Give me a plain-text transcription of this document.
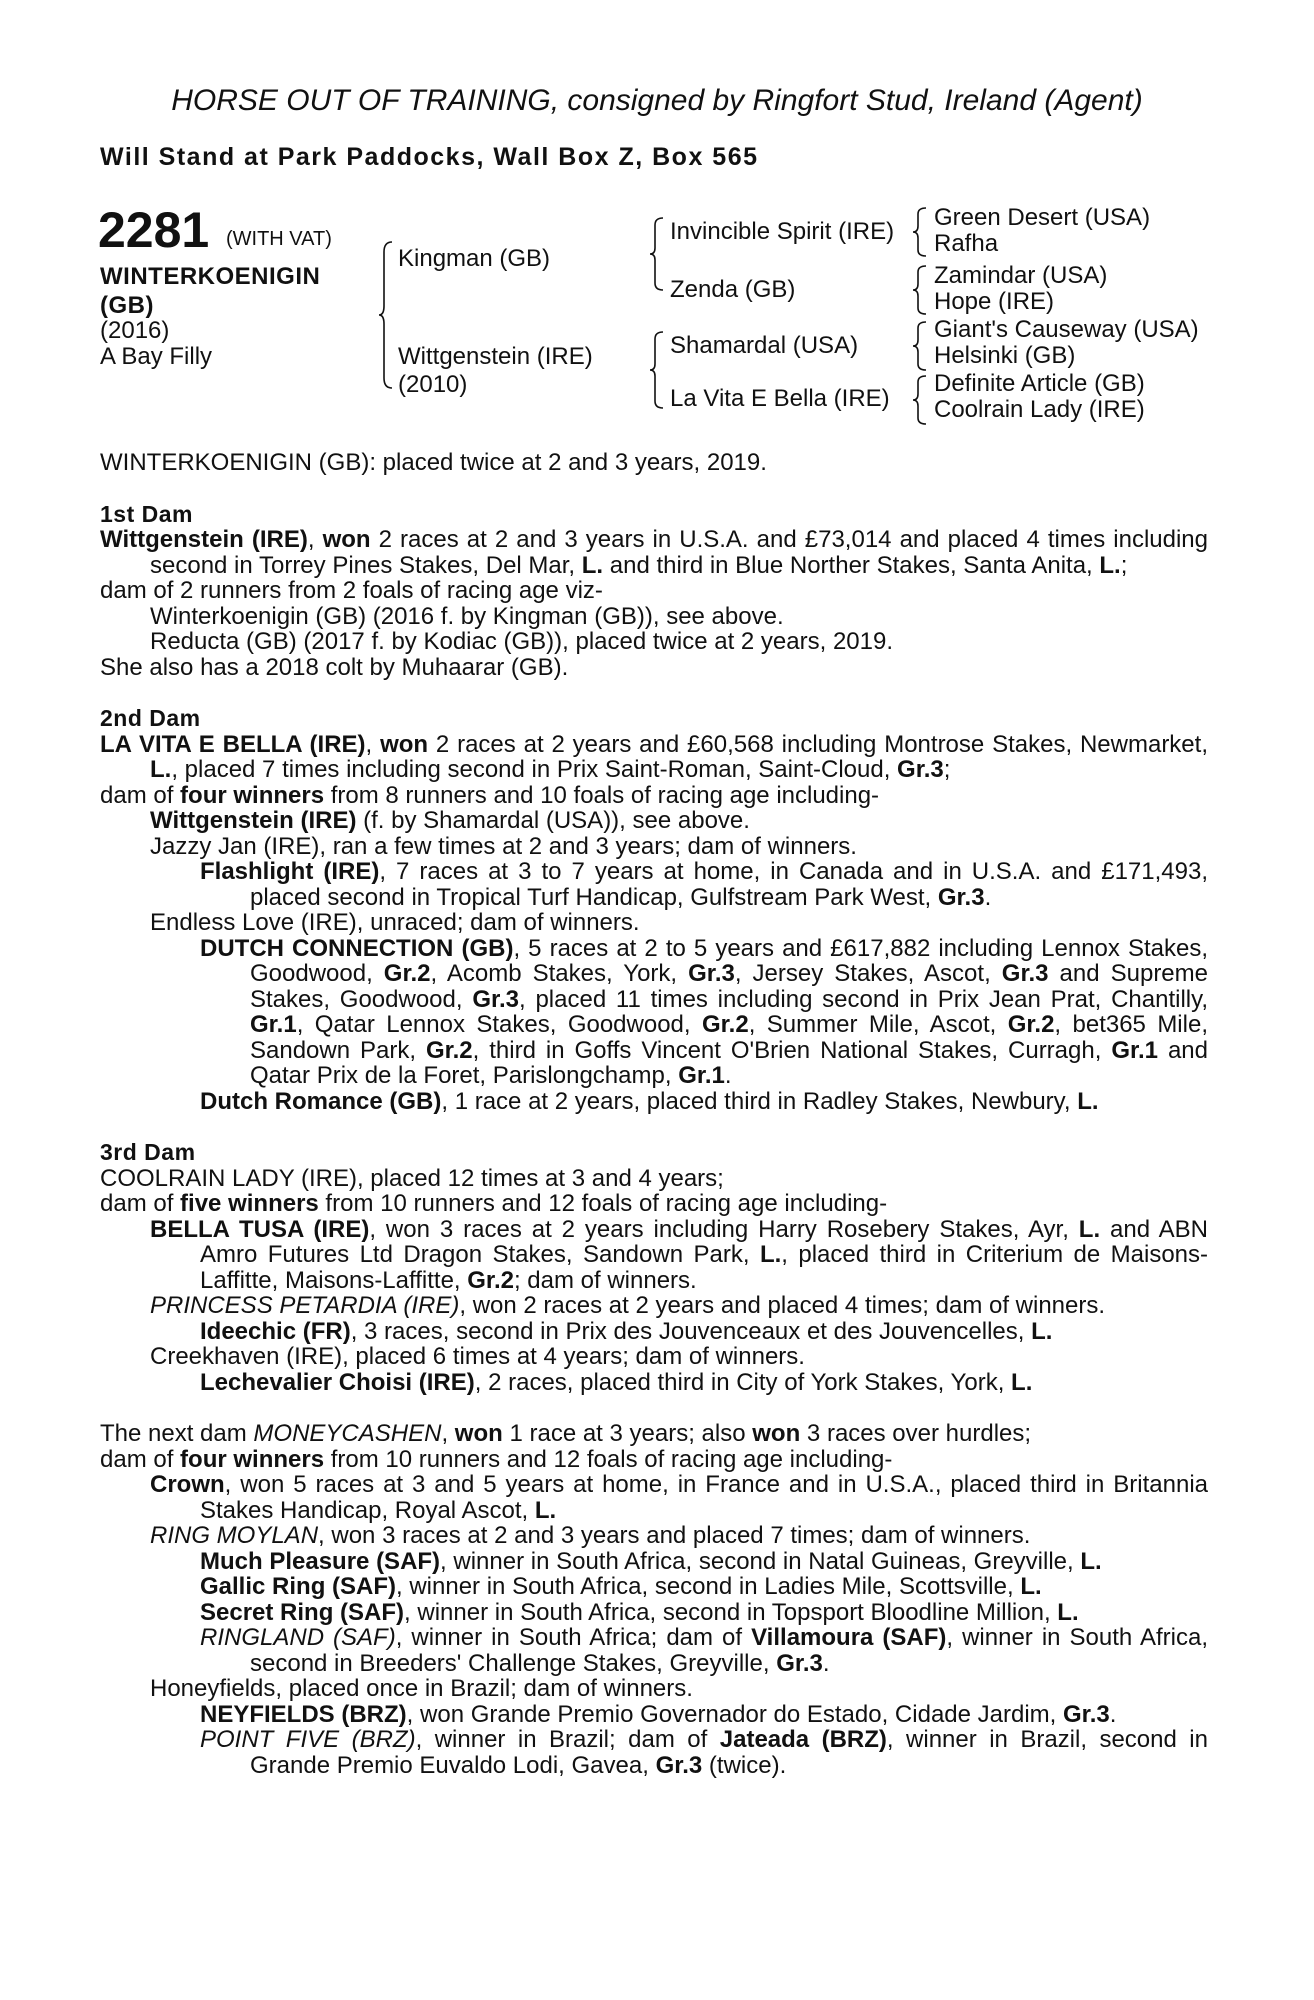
HORSE OUT OF TRAINING, consigned by Ringfort Stud, Ireland (Agent)
Will Stand at Park Paddocks, Wall Box Z, Box 565
2281 (WITH VAT)
WINTERKOENIGIN
(GB)
(2016)
A Bay Filly
Kingman (GB)
Wittgenstein (IRE)
(2010)
Invincible Spirit (IRE)
Zenda (GB)
Shamardal (USA)
La Vita E Bella (IRE)
Green Desert (USA)
Rafha
Zamindar (USA)
Hope (IRE)
Giant's Causeway (USA)
Helsinki (GB)
Definite Article (GB)
Coolrain Lady (IRE)

WINTERKOENIGIN (GB): placed twice at 2 and 3 years, 2019.

1st Dam

Wittgenstein (IRE), won 2 races at 2 and 3 years in U.S.A. and £73,014 and placed 4 times including second in Torrey Pines Stakes, Del Mar, L. and third in Blue Norther Stakes, Santa Anita, L.;

dam of 2 runners from 2 foals of racing age viz-

Winterkoenigin (GB) (2016 f. by Kingman (GB)), see above.

Reducta (GB) (2017 f. by Kodiac (GB)), placed twice at 2 years, 2019.

She also has a 2018 colt by Muhaarar (GB).

2nd Dam

LA VITA E BELLA (IRE), won 2 races at 2 years and £60,568 including Montrose Stakes, Newmarket, L., placed 7 times including second in Prix Saint-Roman, Saint-Cloud, Gr.3;

dam of four winners from 8 runners and 10 foals of racing age including-

Wittgenstein (IRE) (f. by Shamardal (USA)), see above.

Jazzy Jan (IRE), ran a few times at 2 and 3 years; dam of winners.

Flashlight (IRE), 7 races at 3 to 7 years at home, in Canada and in U.S.A. and £171,493, placed second in Tropical Turf Handicap, Gulfstream Park West, Gr.3.

Endless Love (IRE), unraced; dam of winners.

DUTCH CONNECTION (GB), 5 races at 2 to 5 years and £617,882 including Lennox Stakes, Goodwood, Gr.2, Acomb Stakes, York, Gr.3, Jersey Stakes, Ascot, Gr.3 and Supreme Stakes, Goodwood, Gr.3, placed 11 times including second in Prix Jean Prat, Chantilly, Gr.1, Qatar Lennox Stakes, Goodwood, Gr.2, Summer Mile, Ascot, Gr.2, bet365 Mile, Sandown Park, Gr.2, third in Goffs Vincent O'Brien National Stakes, Curragh, Gr.1 and Qatar Prix de la Foret, Parislongchamp, Gr.1.

Dutch Romance (GB), 1 race at 2 years, placed third in Radley Stakes, Newbury, L.

3rd Dam

COOLRAIN LADY (IRE), placed 12 times at 3 and 4 years;

dam of five winners from 10 runners and 12 foals of racing age including-

BELLA TUSA (IRE), won 3 races at 2 years including Harry Rosebery Stakes, Ayr, L. and ABN Amro Futures Ltd Dragon Stakes, Sandown Park, L., placed third in Criterium de Maisons-Laffitte, Maisons-Laffitte, Gr.2; dam of winners.

PRINCESS PETARDIA (IRE), won 2 races at 2 years and placed 4 times; dam of winners.

Ideechic (FR), 3 races, second in Prix des Jouvenceaux et des Jouvencelles, L.

Creekhaven (IRE), placed 6 times at 4 years; dam of winners.

Lechevalier Choisi (IRE), 2 races, placed third in City of York Stakes, York, L.

The next dam MONEYCASHEN, won 1 race at 3 years; also won 3 races over hurdles;

dam of four winners from 10 runners and 12 foals of racing age including-

Crown, won 5 races at 3 and 5 years at home, in France and in U.S.A., placed third in Britannia Stakes Handicap, Royal Ascot, L.

RING MOYLAN, won 3 races at 2 and 3 years and placed 7 times; dam of winners.

Much Pleasure (SAF), winner in South Africa, second in Natal Guineas, Greyville, L.

Gallic Ring (SAF), winner in South Africa, second in Ladies Mile, Scottsville, L.

Secret Ring (SAF), winner in South Africa, second in Topsport Bloodline Million, L.

RINGLAND (SAF), winner in South Africa; dam of Villamoura (SAF), winner in South Africa, second in Breeders' Challenge Stakes, Greyville, Gr.3.

Honeyfields, placed once in Brazil; dam of winners.

NEYFIELDS (BRZ), won Grande Premio Governador do Estado, Cidade Jardim, Gr.3.

POINT FIVE (BRZ), winner in Brazil; dam of Jateada (BRZ), winner in Brazil, second in Grande Premio Euvaldo Lodi, Gavea, Gr.3 (twice).
